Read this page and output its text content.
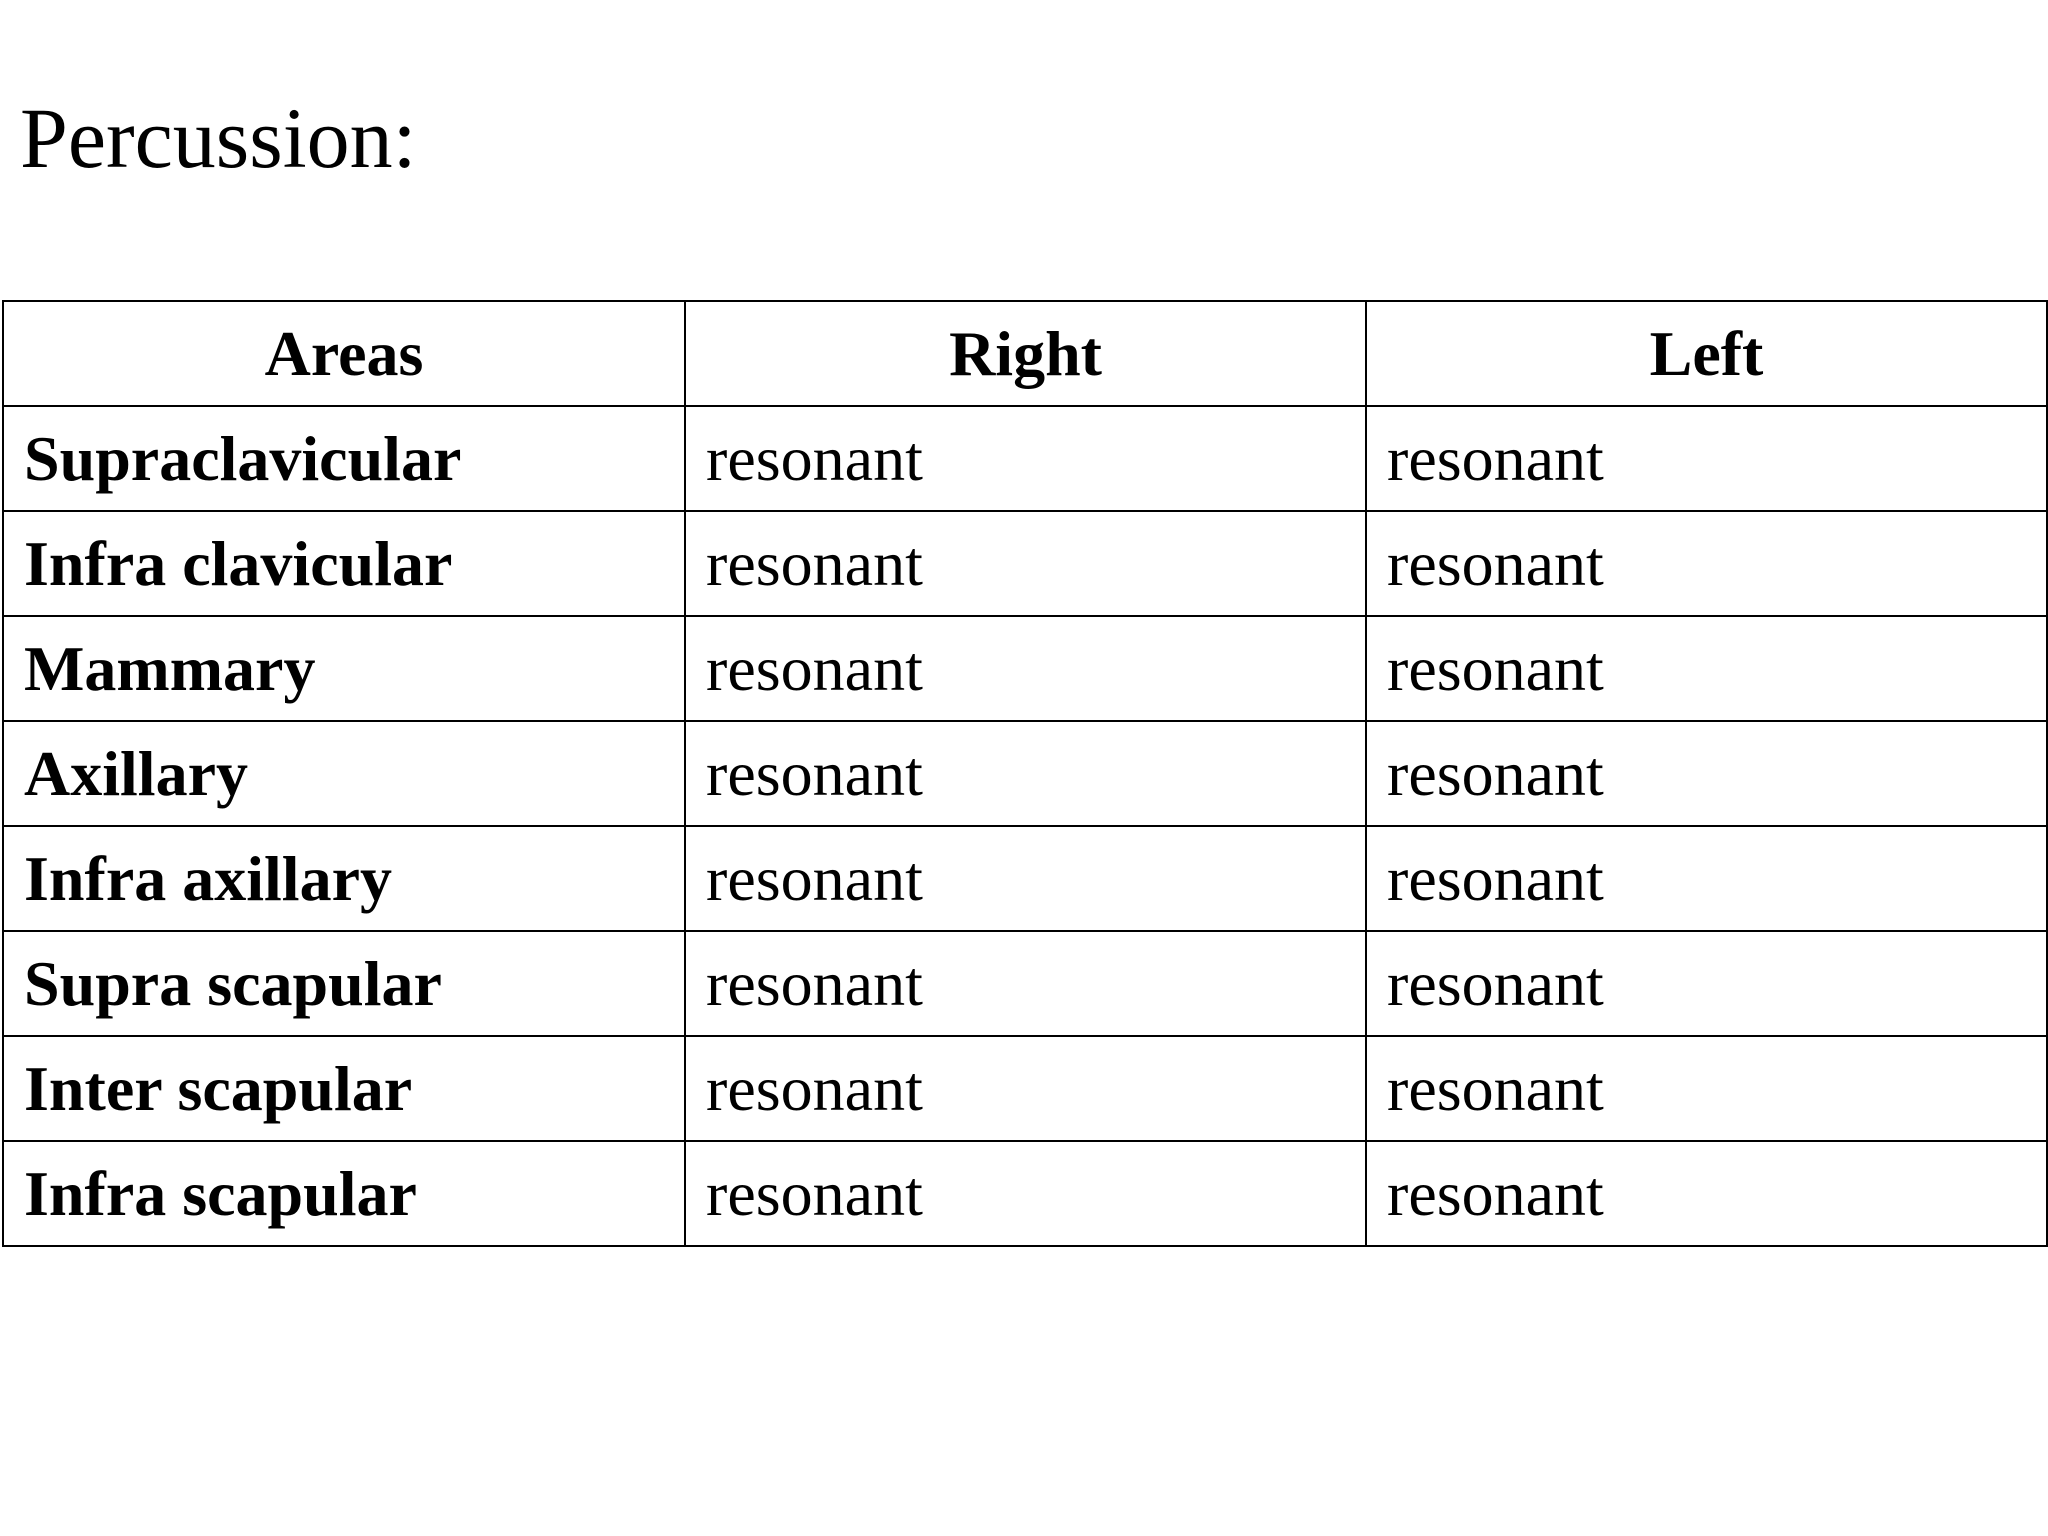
Percussion:
Areas	Right	Left
Supraclavicular	resonant	resonant
Infra clavicular	resonant	resonant
Mammary	resonant	resonant
Axillary	resonant	resonant
Infra axillary	resonant	resonant
Supra scapular	resonant	resonant
Inter scapular	resonant	resonant
Infra scapular	resonant	resonant
